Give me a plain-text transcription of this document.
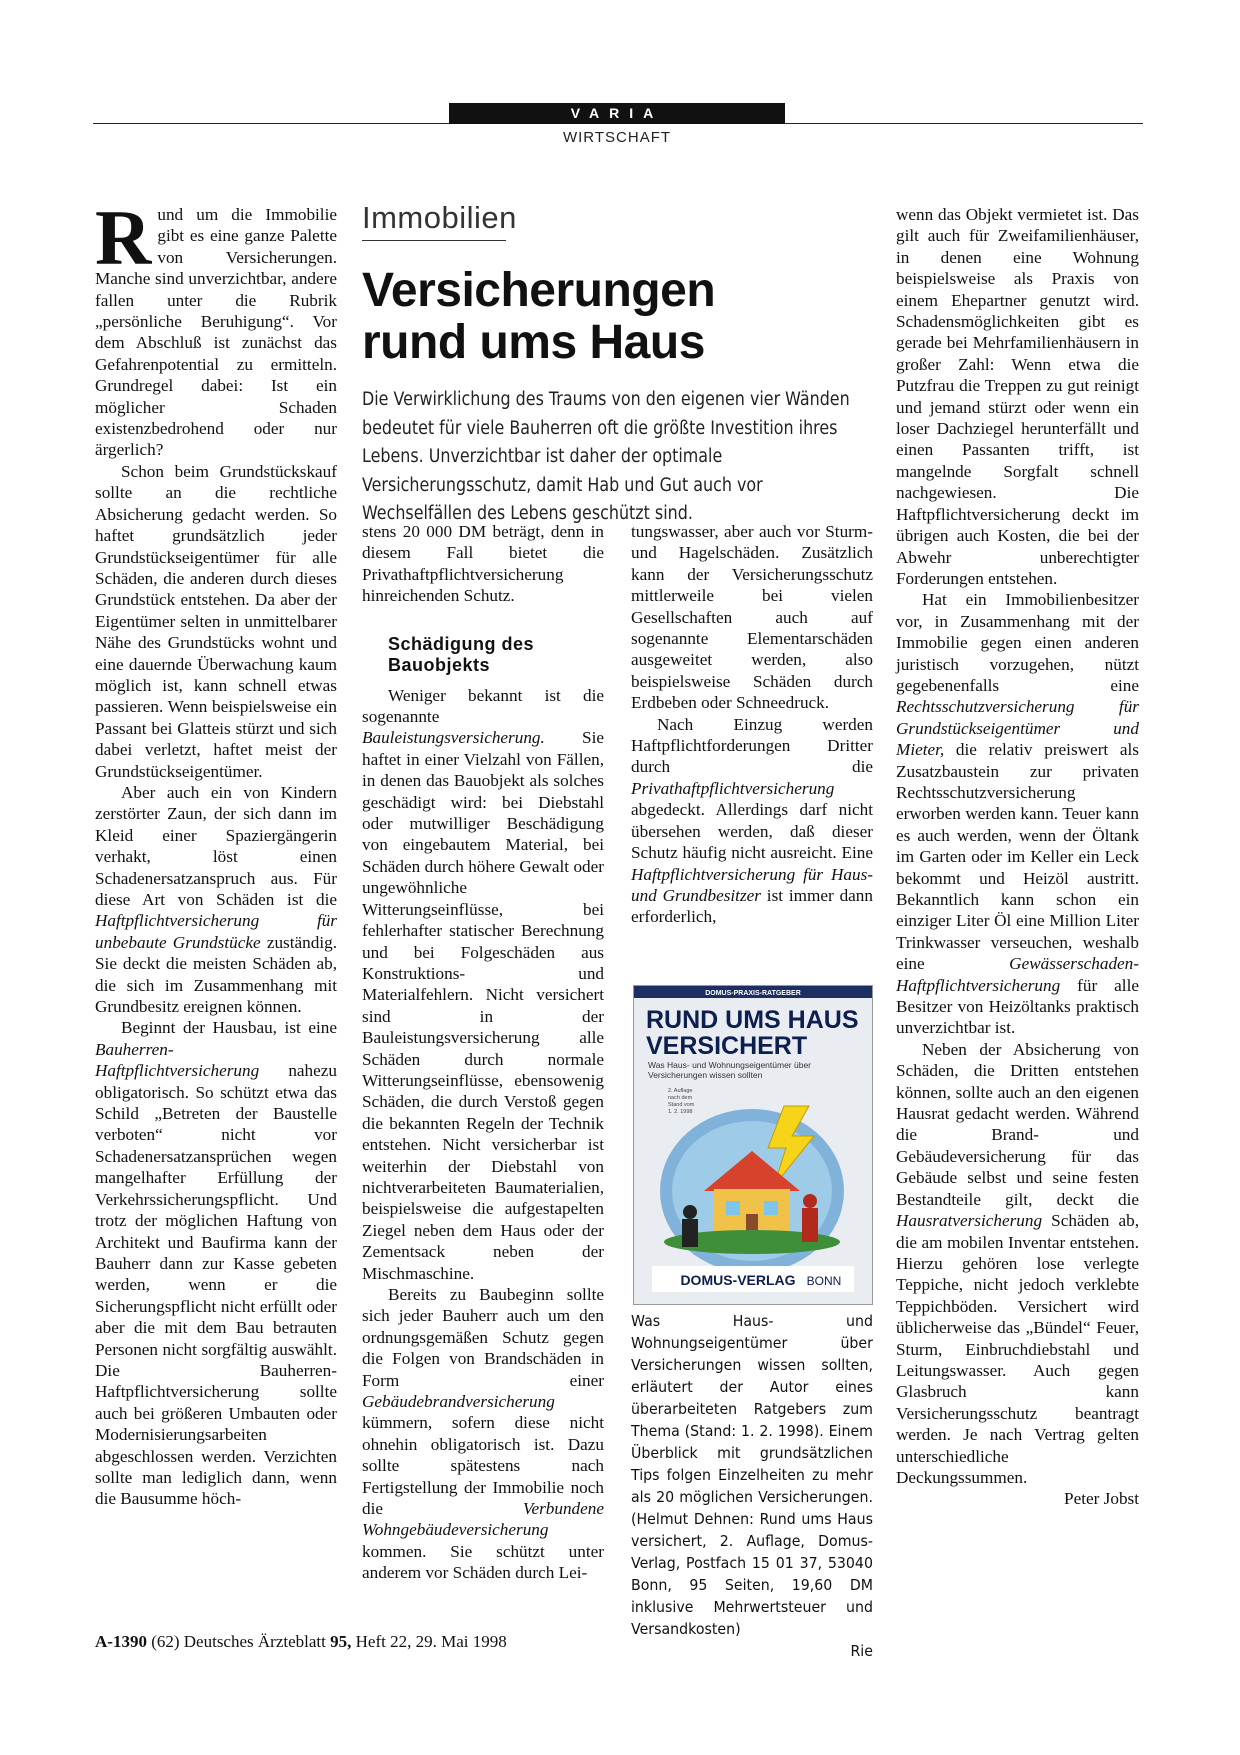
VARIA
WIRTSCHAFT

Rund um die Immobilie gibt es eine ganze Palette von Versicherungen. Manche sind unverzichtbar, andere fallen unter die Rubrik „persönliche Beruhigung“. Vor dem Abschluß ist zunächst das Gefahrenpotential zu ermitteln. Grundregel dabei: Ist ein möglicher Schaden existenzbedrohend oder nur ärgerlich?

Schon beim Grundstückskauf sollte an die rechtliche Absicherung gedacht werden. So haftet grundsätzlich jeder Grundstückseigentümer für alle Schäden, die anderen durch dieses Grundstück entstehen. Da aber der Eigentümer selten in unmittelbarer Nähe des Grundstücks wohnt und eine dauernde Überwachung kaum möglich ist, kann schnell etwas passieren. Wenn beispielsweise ein Passant bei Glatteis stürzt und sich dabei verletzt, haftet meist der Grundstückseigentümer.

Aber auch ein von Kindern zerstörter Zaun, der sich dann im Kleid einer Spaziergängerin verhakt, löst einen Schadenersatzanspruch aus. Für diese Art von Schäden ist die Haftpflichtversicherung für unbebaute Grundstücke zuständig. Sie deckt die meisten Schäden ab, die sich im Zusammenhang mit Grundbesitz ereignen können.

Beginnt der Hausbau, ist eine Bauherren-Haftpflichtversicherung nahezu obligatorisch. So schützt etwa das Schild „Betreten der Baustelle verboten“ nicht vor Schadenersatzansprüchen wegen mangelhafter Erfüllung der Verkehrssicherungspflicht. Und trotz der möglichen Haftung von Architekt und Baufirma kann der Bauherr dann zur Kasse gebeten werden, wenn er die Sicherungspflicht nicht erfüllt oder aber die mit dem Bau betrauten Personen nicht sorgfältig auswählt. Die Bauherren-Haftpflichtversicherung sollte auch bei größeren Umbauten oder Modernisierungsarbeiten abgeschlossen werden. Verzichten sollte man lediglich dann, wenn die Bausumme höch-

Immobilien
Versicherungen
rund ums Haus
Die Verwirklichung des Traums von den eigenen vier Wänden bedeutet für viele Bauherren oft die größte Investition ihres Lebens. Unverzichtbar ist daher der optimale Versicherungsschutz, damit Hab und Gut auch vor Wechselfällen des Lebens geschützt sind.

stens 20 000 DM beträgt, denn in diesem Fall bietet die Privathaftpflichtversicherung hinreichenden Schutz.

Schädigung des Bauobjekts

Weniger bekannt ist die sogenannte Bauleistungsversicherung. Sie haftet in einer Vielzahl von Fällen, in denen das Bauobjekt als solches geschädigt wird: bei Diebstahl oder mutwilliger Beschädigung von eingebautem Material, bei Schäden durch höhere Gewalt oder ungewöhnliche Witterungseinflüsse, bei fehlerhafter statischer Berechnung und bei Folgeschäden aus Konstruktions- und Materialfehlern. Nicht versichert sind in der Bauleistungsversicherung alle Schäden durch normale Witterungseinflüsse, ebensowenig Schäden, die durch Verstoß gegen die bekannten Regeln der Technik entstehen. Nicht versicherbar ist weiterhin der Diebstahl von nichtverarbeiteten Baumaterialien, beispielsweise die aufgestapelten Ziegel neben dem Haus oder der Zementsack neben der Mischmaschine.

Bereits zu Baubeginn sollte sich jeder Bauherr auch um den ordnungsgemäßen Schutz gegen die Folgen von Brandschäden in Form einer Gebäudebrandversicherung kümmern, sofern diese nicht ohnehin obligatorisch ist. Dazu sollte spätestens nach Fertigstellung der Immobilie noch die Verbundene Wohngebäudeversicherung kommen. Sie schützt unter anderem vor Schäden durch Lei-

tungswasser, aber auch vor Sturm- und Hagelschäden. Zusätzlich kann der Versicherungsschutz mittlerweile bei vielen Gesellschaften auch auf sogenannte Elementarschäden ausgeweitet werden, also beispielsweise Schäden durch Erdbeben oder Schneedruck.

Nach Einzug werden Haftpflichtforderungen Dritter durch die Privathaftpflichtversicherung abgedeckt. Allerdings darf nicht übersehen werden, daß dieser Schutz häufig nicht ausreicht. Eine Haftpflichtversicherung für Haus- und Grundbesitzer ist immer dann erforderlich,

DOMUS-PRAXIS-RATGEBER
RUND UMS HAUS
VERSICHERT
Was Haus- und Wohnungseigentümer über
Versicherungen wissen sollten
2. Auflage
nach dem
Stand vom
1. 2. 1998
DOMUS-VERLAG BONN
Was Haus- und Wohnungseigentümer über Versicherungen wissen sollten, erläutert der Autor eines überarbeiteten Ratgebers zum Thema (Stand: 1. 2. 1998). Einem Überblick mit grundsätzlichen Tips folgen Einzelheiten zu mehr als 20 möglichen Versicherungen. (Helmut Dehnen: Rund ums Haus versichert, 2. Auflage, Domus-Verlag, Postfach 15 01 37, 53040 Bonn, 95 Seiten, 19,60 DM inklusive Mehrwertsteuer und Versandkosten)
Rie

wenn das Objekt vermietet ist. Das gilt auch für Zweifamilienhäuser, in denen eine Wohnung beispielsweise als Praxis von einem Ehepartner genutzt wird. Schadensmöglichkeiten gibt es gerade bei Mehrfamilienhäusern in großer Zahl: Wenn etwa die Putzfrau die Treppen zu gut reinigt und jemand stürzt oder wenn ein loser Dachziegel herunterfällt und einen Passanten trifft, ist mangelnde Sorgfalt schnell nachgewiesen. Die Haftpflichtversicherung deckt im übrigen auch Kosten, die bei der Abwehr unberechtigter Forderungen entstehen.

Hat ein Immobilienbesitzer vor, in Zusammenhang mit der Immobilie gegen einen anderen juristisch vorzugehen, nützt gegebenenfalls eine Rechtsschutzversicherung für Grundstückseigentümer und Mieter, die relativ preiswert als Zusatzbaustein zur privaten Rechtsschutzversicherung erworben werden kann. Teuer kann es auch werden, wenn der Öltank im Garten oder im Keller ein Leck bekommt und Heizöl austritt. Bekanntlich kann schon ein einziger Liter Öl eine Million Liter Trinkwasser verseuchen, weshalb eine Gewässerschaden-Haftpflichtversicherung für alle Besitzer von Heizöltanks praktisch unverzichtbar ist.

Neben der Absicherung von Schäden, die Dritten entstehen können, sollte auch an den eigenen Hausrat gedacht werden. Während die Brand- und Gebäudeversicherung für das Gebäude selbst und seine festen Bestandteile gilt, deckt die Hausratversicherung Schäden ab, die am mobilen Inventar entstehen. Hierzu gehören lose verlegte Teppiche, nicht jedoch verklebte Teppichböden. Versichert wird üblicherweise das „Bündel“ Feuer, Sturm, Einbruchdiebstahl und Leitungswasser. Auch gegen Glasbruch kann Versicherungsschutz beantragt werden. Je nach Vertrag gelten unterschiedliche Deckungssummen.

Peter Jobst
A-1390 (62) Deutsches Ärzteblatt 95, Heft 22, 29. Mai 1998
